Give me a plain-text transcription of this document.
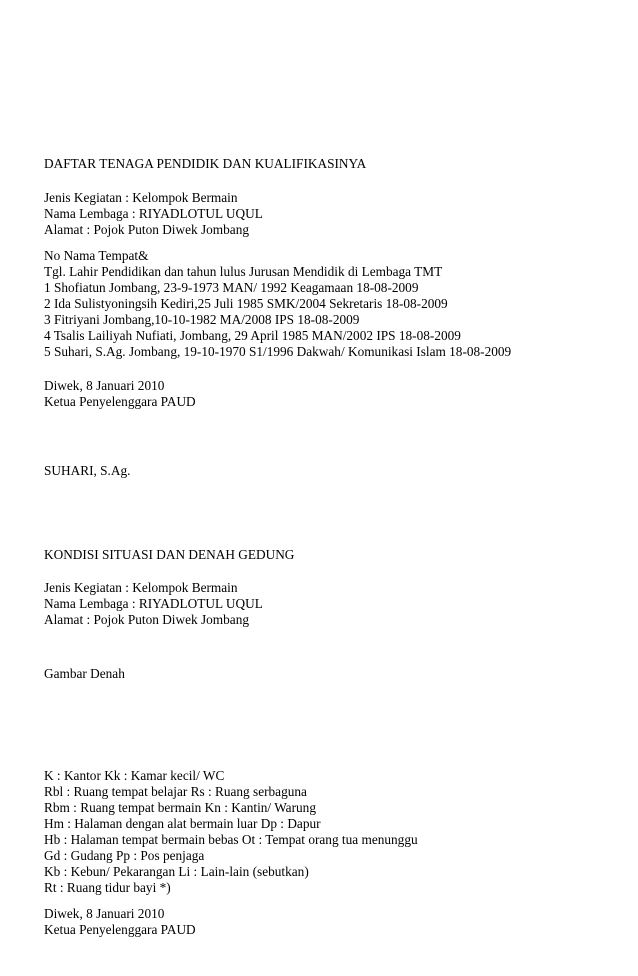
DAFTAR TENAGA PENDIDIK DAN KUALIFIKASINYA
Jenis Kegiatan : Kelompok Bermain
Nama Lembaga : RIYADLOTUL UQUL
Alamat : Pojok Puton Diwek Jombang
No Nama Tempat&
Tgl. Lahir Pendidikan dan tahun lulus Jurusan Mendidik di Lembaga TMT
1 Shofiatun Jombang, 23-9-1973 MAN/ 1992 Keagamaan 18-08-2009
2 Ida Sulistyoningsih Kediri,25 Juli 1985 SMK/2004 Sekretaris 18-08-2009
3 Fitriyani Jombang,10-10-1982 MA/2008 IPS 18-08-2009
4 Tsalis Lailiyah Nufiati, Jombang, 29 April 1985 MAN/2002 IPS 18-08-2009
5 Suhari, S.Ag. Jombang, 19-10-1970 S1/1996 Dakwah/ Komunikasi Islam 18-08-2009
Diwek, 8 Januari 2010
Ketua Penyelenggara PAUD
SUHARI, S.Ag.
KONDISI SITUASI DAN DENAH GEDUNG
Jenis Kegiatan : Kelompok Bermain
Nama Lembaga : RIYADLOTUL UQUL
Alamat : Pojok Puton Diwek Jombang
Gambar Denah
K : Kantor Kk : Kamar kecil/ WC
Rbl : Ruang tempat belajar Rs : Ruang serbaguna
Rbm : Ruang tempat bermain Kn : Kantin/ Warung
Hm : Halaman dengan alat bermain luar Dp : Dapur
Hb : Halaman tempat bermain bebas Ot : Tempat orang tua menunggu
Gd : Gudang Pp : Pos penjaga
Kb : Kebun/ Pekarangan Li : Lain-lain (sebutkan)
Rt : Ruang tidur bayi *)
Diwek, 8 Januari 2010
Ketua Penyelenggara PAUD
